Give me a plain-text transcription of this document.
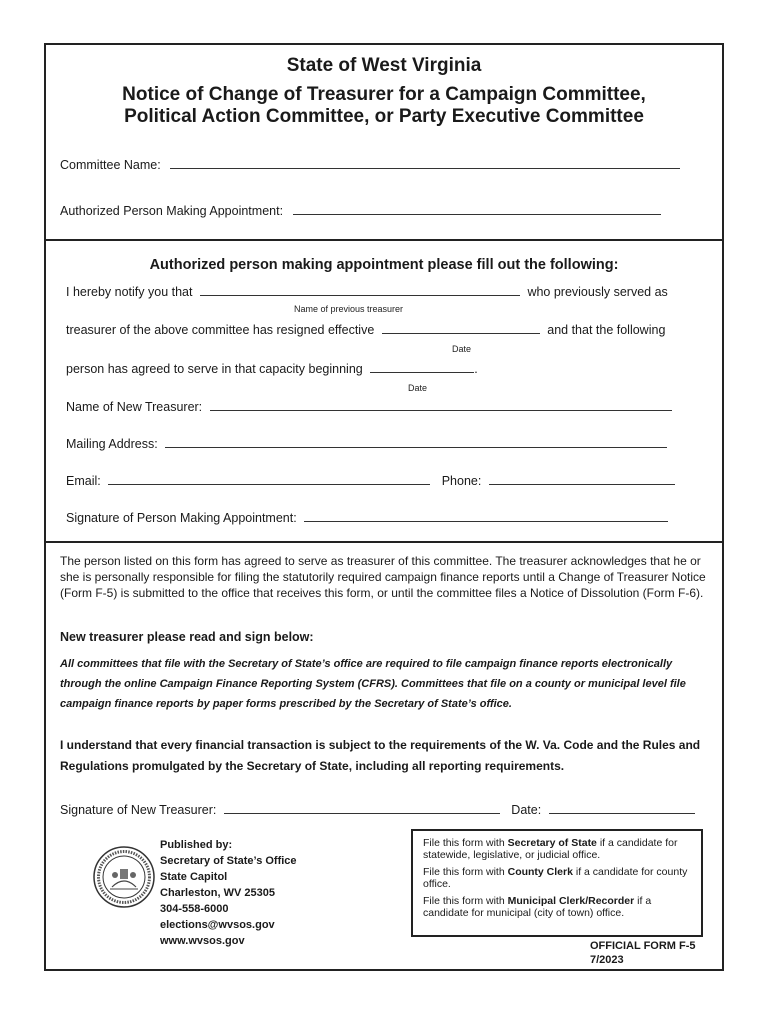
State of West Virginia
Notice of Change of Treasurer for a Campaign Committee,
Political Action Committee, or Party Executive Committee
Committee Name:
Authorized Person Making Appointment:
Authorized person making appointment please fill out the following:
I hereby notify you that	who previously served as
Name of previous treasurer
treasurer of the above committee has resigned effective	and that the following
Date
person has agreed to serve in that capacity beginning	.
Date
Name of New Treasurer:
Mailing Address:
Email:	Phone:
Signature of Person Making Appointment:
The person listed on this form has agreed to serve as treasurer of this committee. The treasurer acknowledges that he or she is personally responsible for filing the statutorily required campaign finance reports until a Change of Treasurer Notice (Form F-5) is submitted to the office that receives this form, or until the committee files a Notice of Dissolution (Form F-6).
New treasurer please read and sign below:
All committees that file with the Secretary of State’s office are required to file campaign finance reports electronically through the online Campaign Finance Reporting System (CFRS). Committees that file on a county or municipal level file campaign finance reports by paper forms prescribed by the Secretary of State’s office.
I understand that every financial transaction is subject to the requirements of the W. Va. Code and the Rules and Regulations promulgated by the Secretary of State, including all reporting requirements.
Signature of New Treasurer:	Date:
Published by:
Secretary of State’s Office
State Capitol
Charleston, WV 25305
304-558-6000
elections@wvsos.gov
www.wvsos.gov

File this form with Secretary of State if a candidate for statewide, legislative, or judicial office.

File this form with County Clerk if a candidate for county office.

File this form with Municipal Clerk/Recorder if a candidate for municipal (city of town) office.

OFFICIAL FORM F-5
7/2023
